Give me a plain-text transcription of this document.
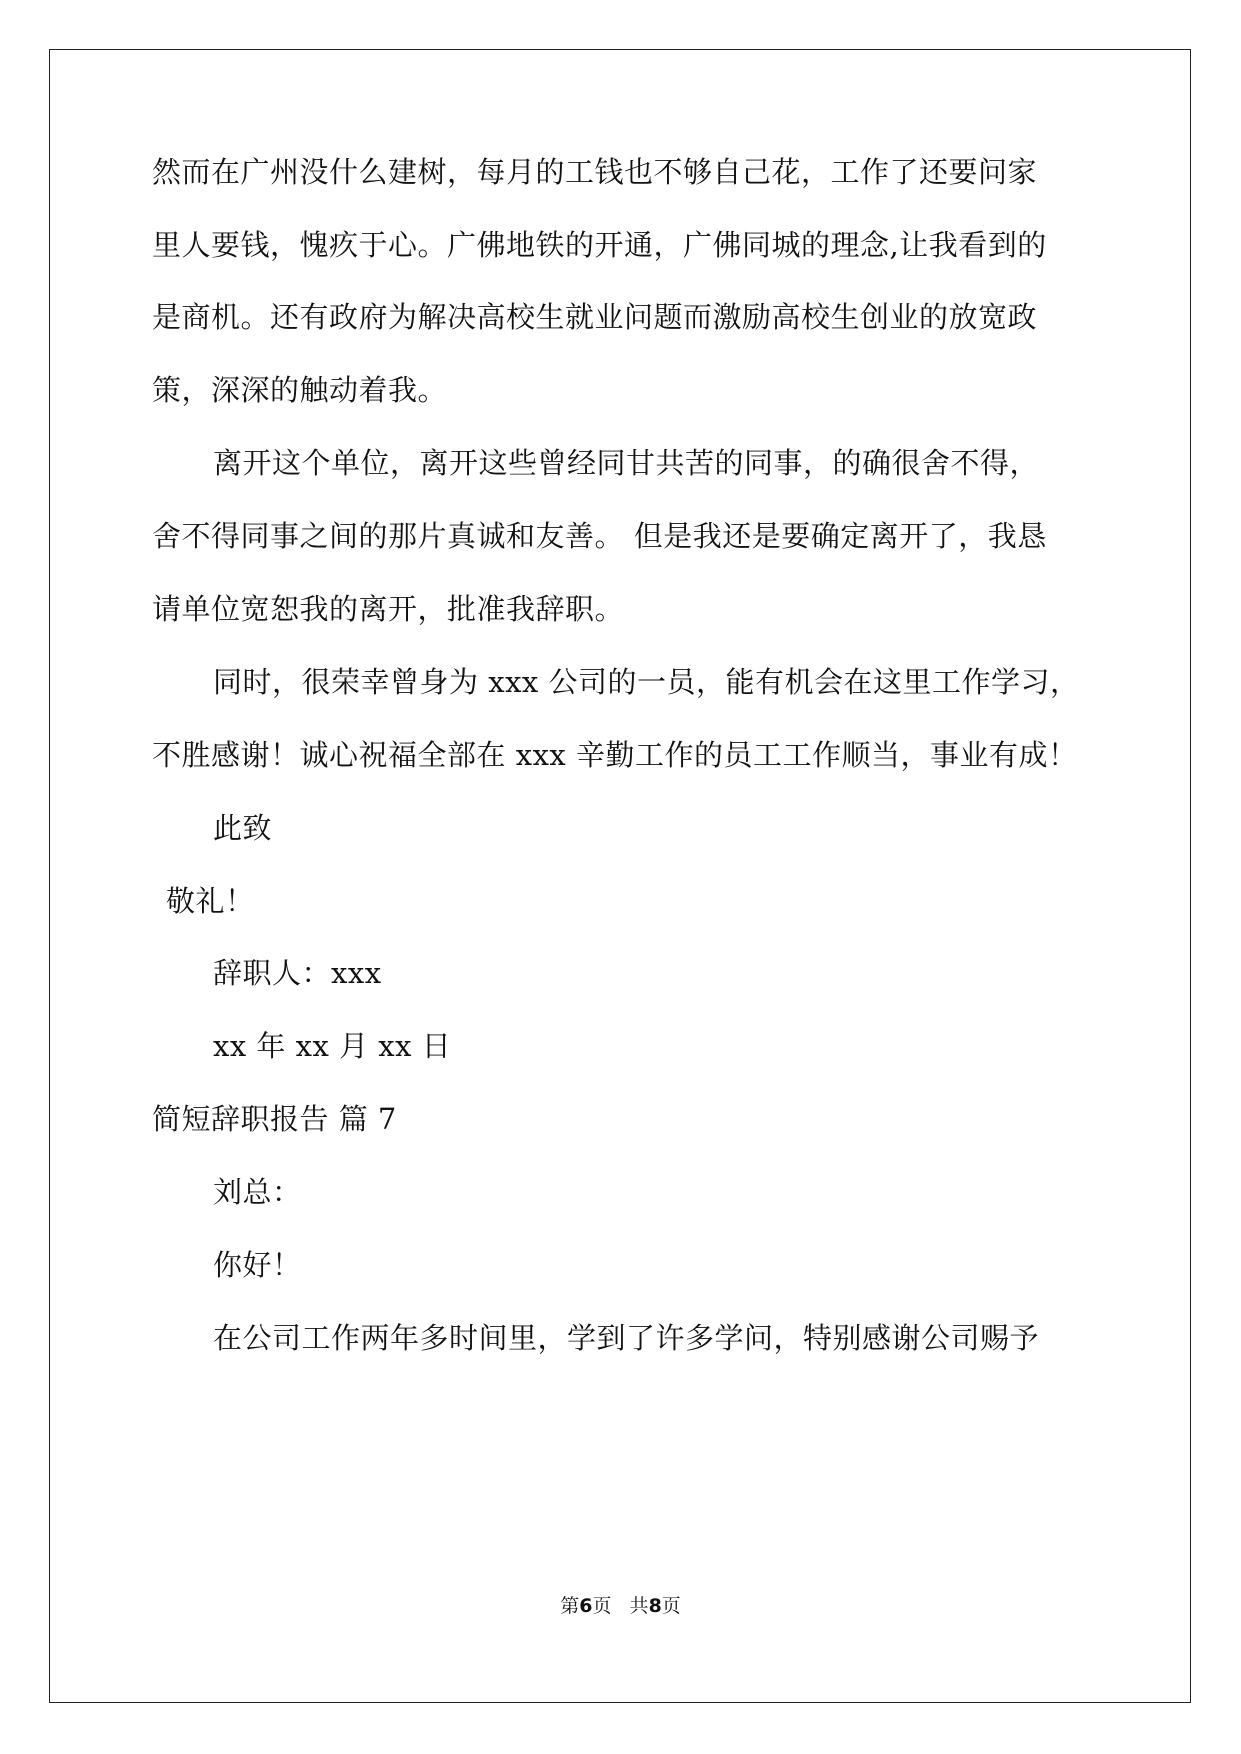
然而在广州没什么建树，每月的工钱也不够自己花，工作了还要问家
里人要钱，愧疚于心。广佛地铁的开通，广佛同城的理念,让我看到的
是商机。还有政府为解决高校生就业问题而激励高校生创业的放宽政
策，深深的触动着我。
离开这个单位，离开这些曾经同甘共苦的同事，的确很舍不得，
舍不得同事之间的那片真诚和友善。 但是我还是要确定离开了，我恳
请单位宽恕我的离开，批准我辞职。
同时，很荣幸曾身为 xxx 公司的一员，能有机会在这里工作学习，
不胜感谢！诚心祝福全部在 xxx 辛勤工作的员工工作顺当，事业有成！
此致
敬礼！
辞职人：xxx
xx 年 xx 月 xx 日
简短辞职报告 篇 7
刘总：
你好！
在公司工作两年多时间里，学到了许多学问，特别感谢公司赐予
第6页   共8页
